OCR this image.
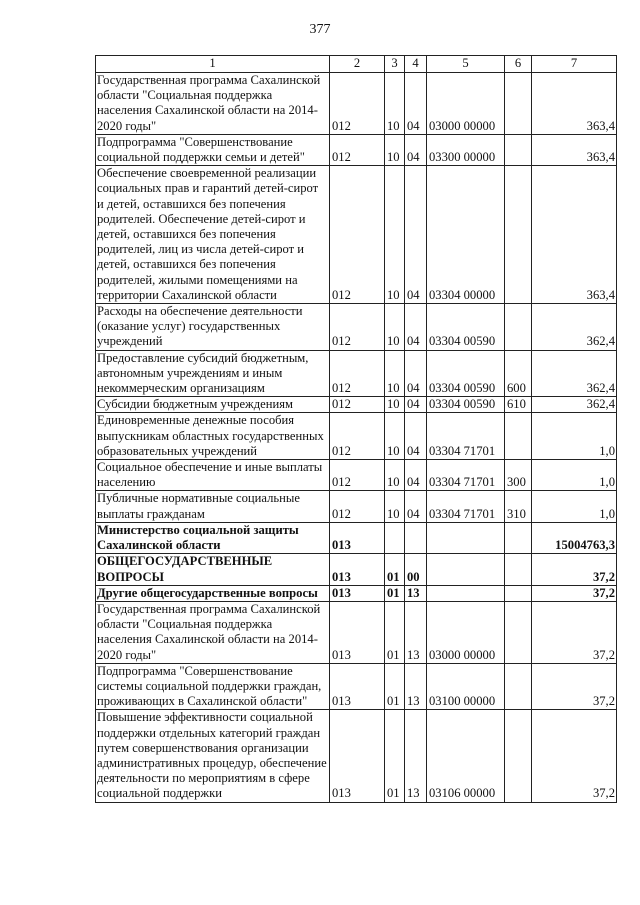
377
1	2	3	4	5	6	7
Государственная программа Сахалинской области "Социальная поддержка населения Сахалинской области на 2014-2020 годы"	012	10	04	03000 00000		363,4
Подпрограмма "Совершенствование социальной поддержки семьи и детей"	012	10	04	03300 00000		363,4
Обеспечение своевременной реализации социальных прав и гарантий детей-сирот и детей, оставшихся без попечения родителей. Обеспечение детей-сирот и детей, оставшихся без попечения родителей, лиц из числа детей-сирот и детей, оставшихся без попечения родителей, жилыми помещениями на территории Сахалинской области	012	10	04	03304 00000		363,4
Расходы на обеспечение деятельности (оказание услуг) государственных учреждений	012	10	04	03304 00590		362,4
Предоставление субсидий бюджетным, автономным учреждениям и иным некоммерческим организациям	012	10	04	03304 00590	600	362,4
Субсидии бюджетным учреждениям	012	10	04	03304 00590	610	362,4
Единовременные денежные пособия выпускникам областных государственных образовательных учреждений	012	10	04	03304 71701		1,0
Социальное обеспечение и иные выплаты населению	012	10	04	03304 71701	300	1,0
Публичные нормативные социальные выплаты гражданам	012	10	04	03304 71701	310	1,0
Министерство социальной защиты Сахалинской области	013					15004763,3
ОБЩЕГОСУДАРСТВЕННЫЕ ВОПРОСЫ	013	01	00			37,2
Другие общегосударственные вопросы	013	01	13			37,2
Государственная программа Сахалинской области "Социальная поддержка населения Сахалинской области на 2014-2020 годы"	013	01	13	03000 00000		37,2
Подпрограмма "Совершенствование системы социальной поддержки граждан, проживающих в Сахалинской области"	013	01	13	03100 00000		37,2
Повышение эффективности социальной поддержки отдельных категорий граждан путем совершенствования организации административных процедур, обеспечение деятельности по мероприятиям в сфере социальной поддержки	013	01	13	03106 00000		37,2
